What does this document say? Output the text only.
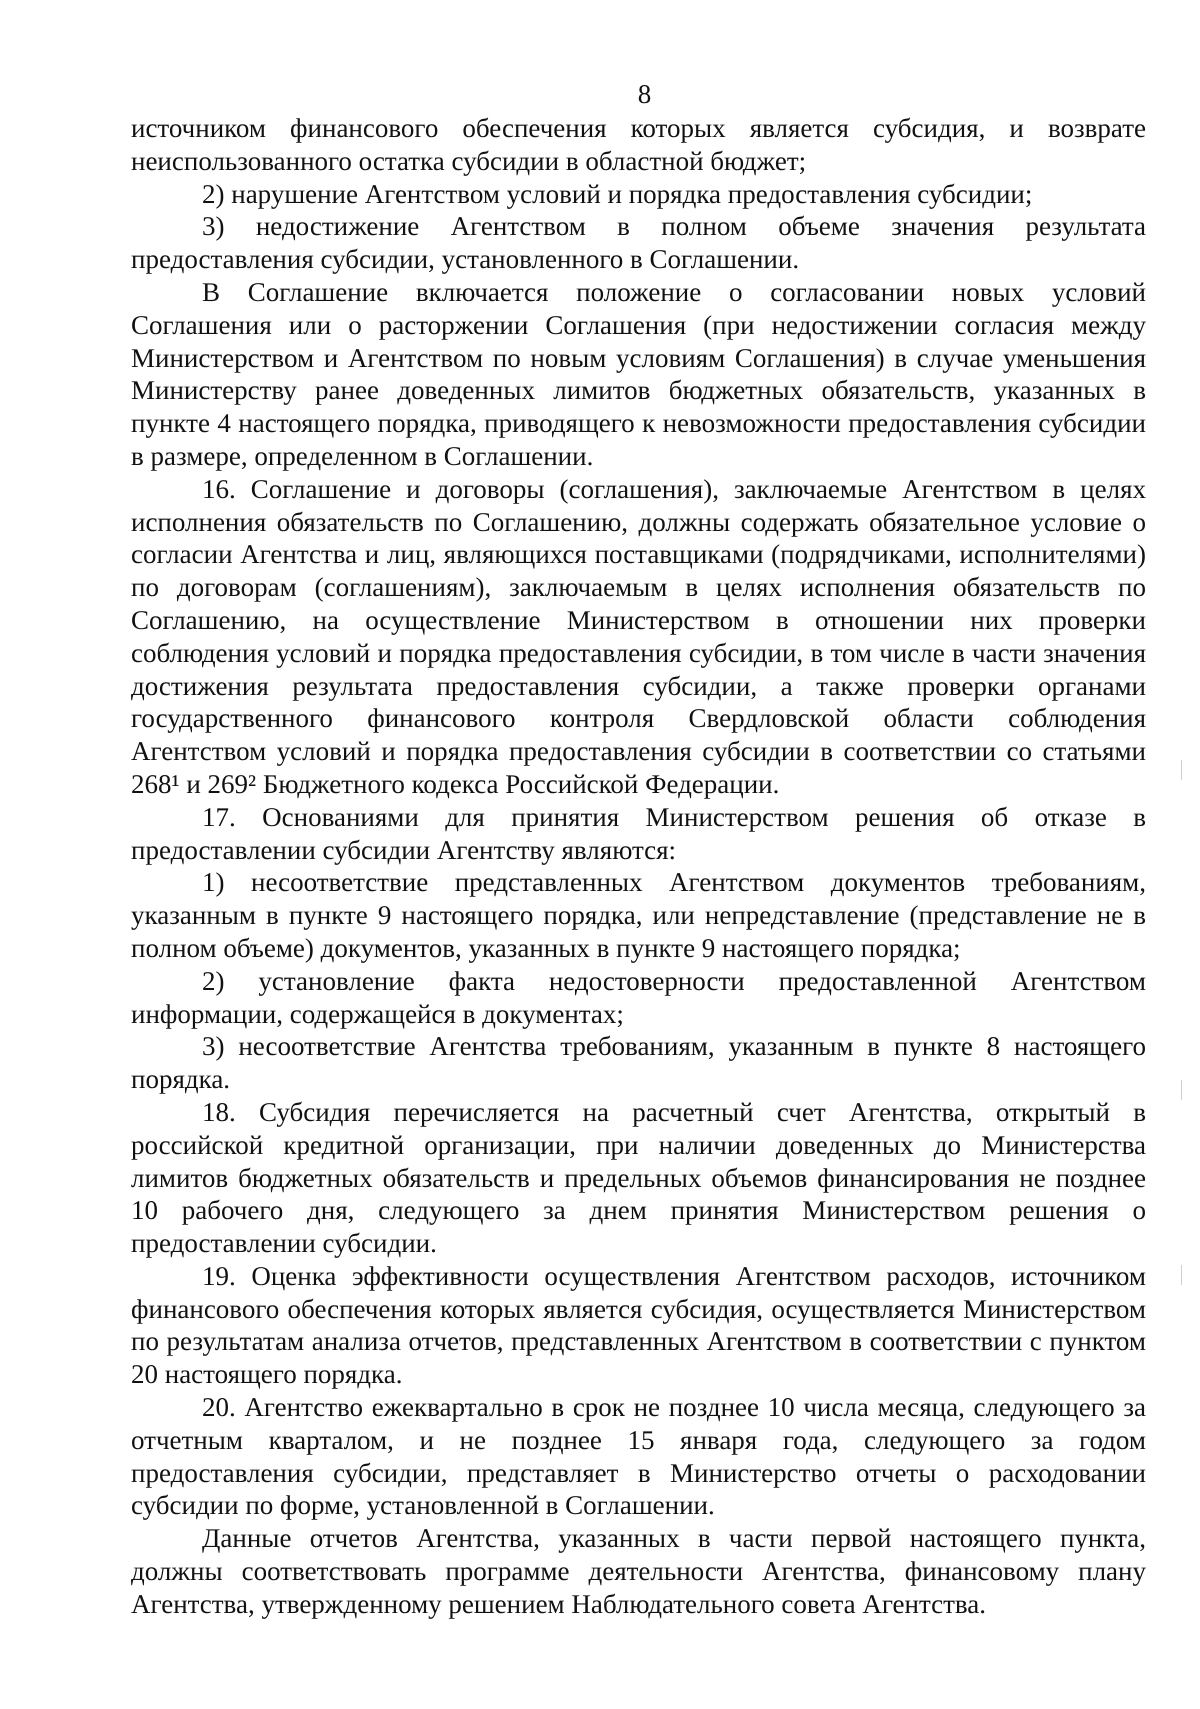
8

источником финансового обеспечения которых является субсидия, и возврате неиспользованного остатка субсидии в областной бюджет;

2) нарушение Агентством условий и порядка предоставления субсидии;

3) недостижение Агентством в полном объеме значения результата предоставления субсидии, установленного в Соглашении.

В Соглашение включается положение о согласовании новых условий Соглашения или о расторжении Соглашения (при недостижении согласия между Министерством и Агентством по новым условиям Соглашения) в случае уменьшения Министерству ранее доведенных лимитов бюджетных обязательств, указанных в пункте 4 настоящего порядка, приводящего к невозможности предоставления субсидии в размере, определенном в Соглашении.

16. Соглашение и договоры (соглашения), заключаемые Агентством в целях исполнения обязательств по Соглашению, должны содержать обязательное условие о согласии Агентства и лиц, являющихся поставщиками (подрядчиками, исполнителями) по договорам (соглашениям), заключаемым в целях исполнения обязательств по Соглашению, на осуществление Министерством в отношении них проверки соблюдения условий и порядка предоставления субсидии, в том числе в части значения достижения результата предоставления субсидии, а также проверки органами государственного финансового контроля Свердловской области соблюдения Агентством условий и порядка предоставления субсидии в соответствии со статьями 268¹ и 269² Бюджетного кодекса Российской Федерации.

17. Основаниями для принятия Министерством решения об отказе в предоставлении субсидии Агентству являются:

1) несоответствие представленных Агентством документов требованиям, указанным в пункте 9 настоящего порядка, или непредставление (представление не в полном объеме) документов, указанных в пункте 9 настоящего порядка;

2) установление факта недостоверности предоставленной Агентством информации, содержащейся в документах;

3) несоответствие Агентства требованиям, указанным в пункте 8 настоящего порядка.

18. Субсидия перечисляется на расчетный счет Агентства, открытый в российской кредитной организации, при наличии доведенных до Министерства лимитов бюджетных обязательств и предельных объемов финансирования не позднее 10 рабочего дня, следующего за днем принятия Министерством решения о предоставлении субсидии.

19. Оценка эффективности осуществления Агентством расходов, источником финансового обеспечения которых является субсидия, осуществляется Министерством по результатам анализа отчетов, представленных Агентством в соответствии с пунктом 20 настоящего порядка.

20. Агентство ежеквартально в срок не позднее 10 числа месяца, следующего за отчетным кварталом, и не позднее 15 января года, следующего за годом предоставления субсидии, представляет в Министерство отчеты о расходовании субсидии по форме, установленной в Соглашении.

Данные отчетов Агентства, указанных в части первой настоящего пункта, должны соответствовать программе деятельности Агентства, финансовому плану Агентства, утвержденному решением Наблюдательного совета Агентства.
